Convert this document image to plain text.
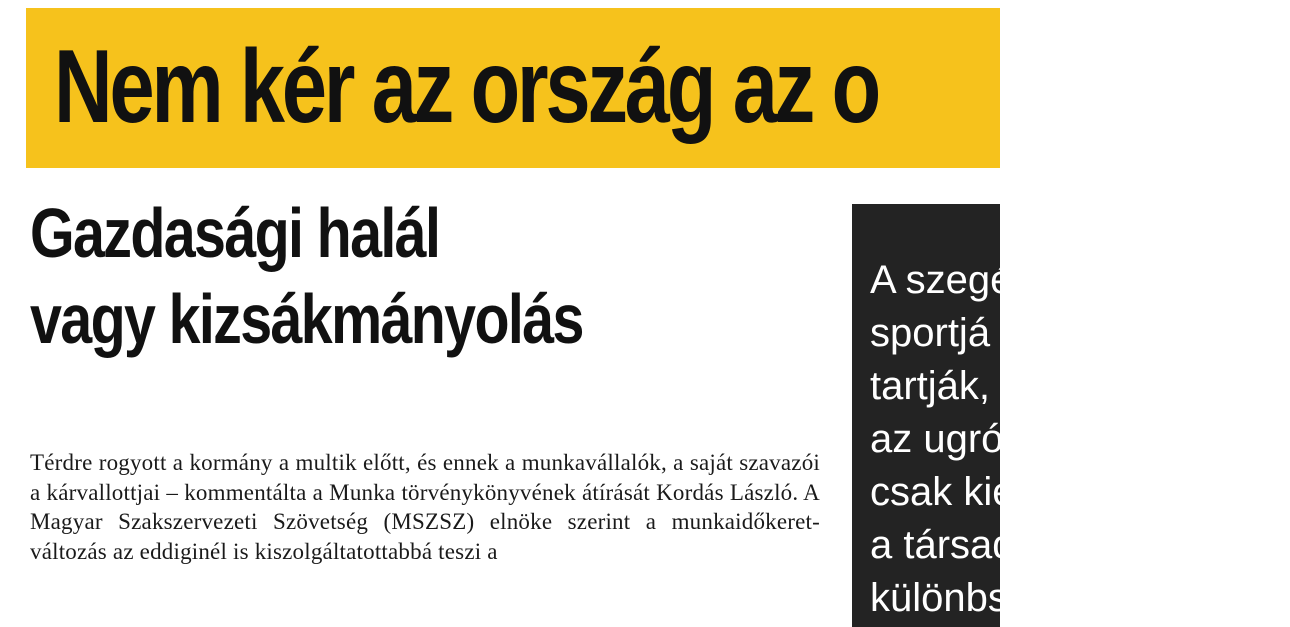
Nem kér az ország az o
Gazdasági halál
vagy kizsákmányolás

Térdre rogyott a kormány a multik előtt, és ennek a munkavállalók, a saját szavazói a kárvallottjai – kommentálta a Munka törvénykönyvének átírását Kordás László. A Magyar Szakszervezeti Szövetség (MSZSZ) elnöke szerint a munkaidőkeret-változás az eddiginél is kiszolgáltatottabbá teszi a

A szegé
sportjá
tartják,
az ugró
csak kie
a társad
különbs
